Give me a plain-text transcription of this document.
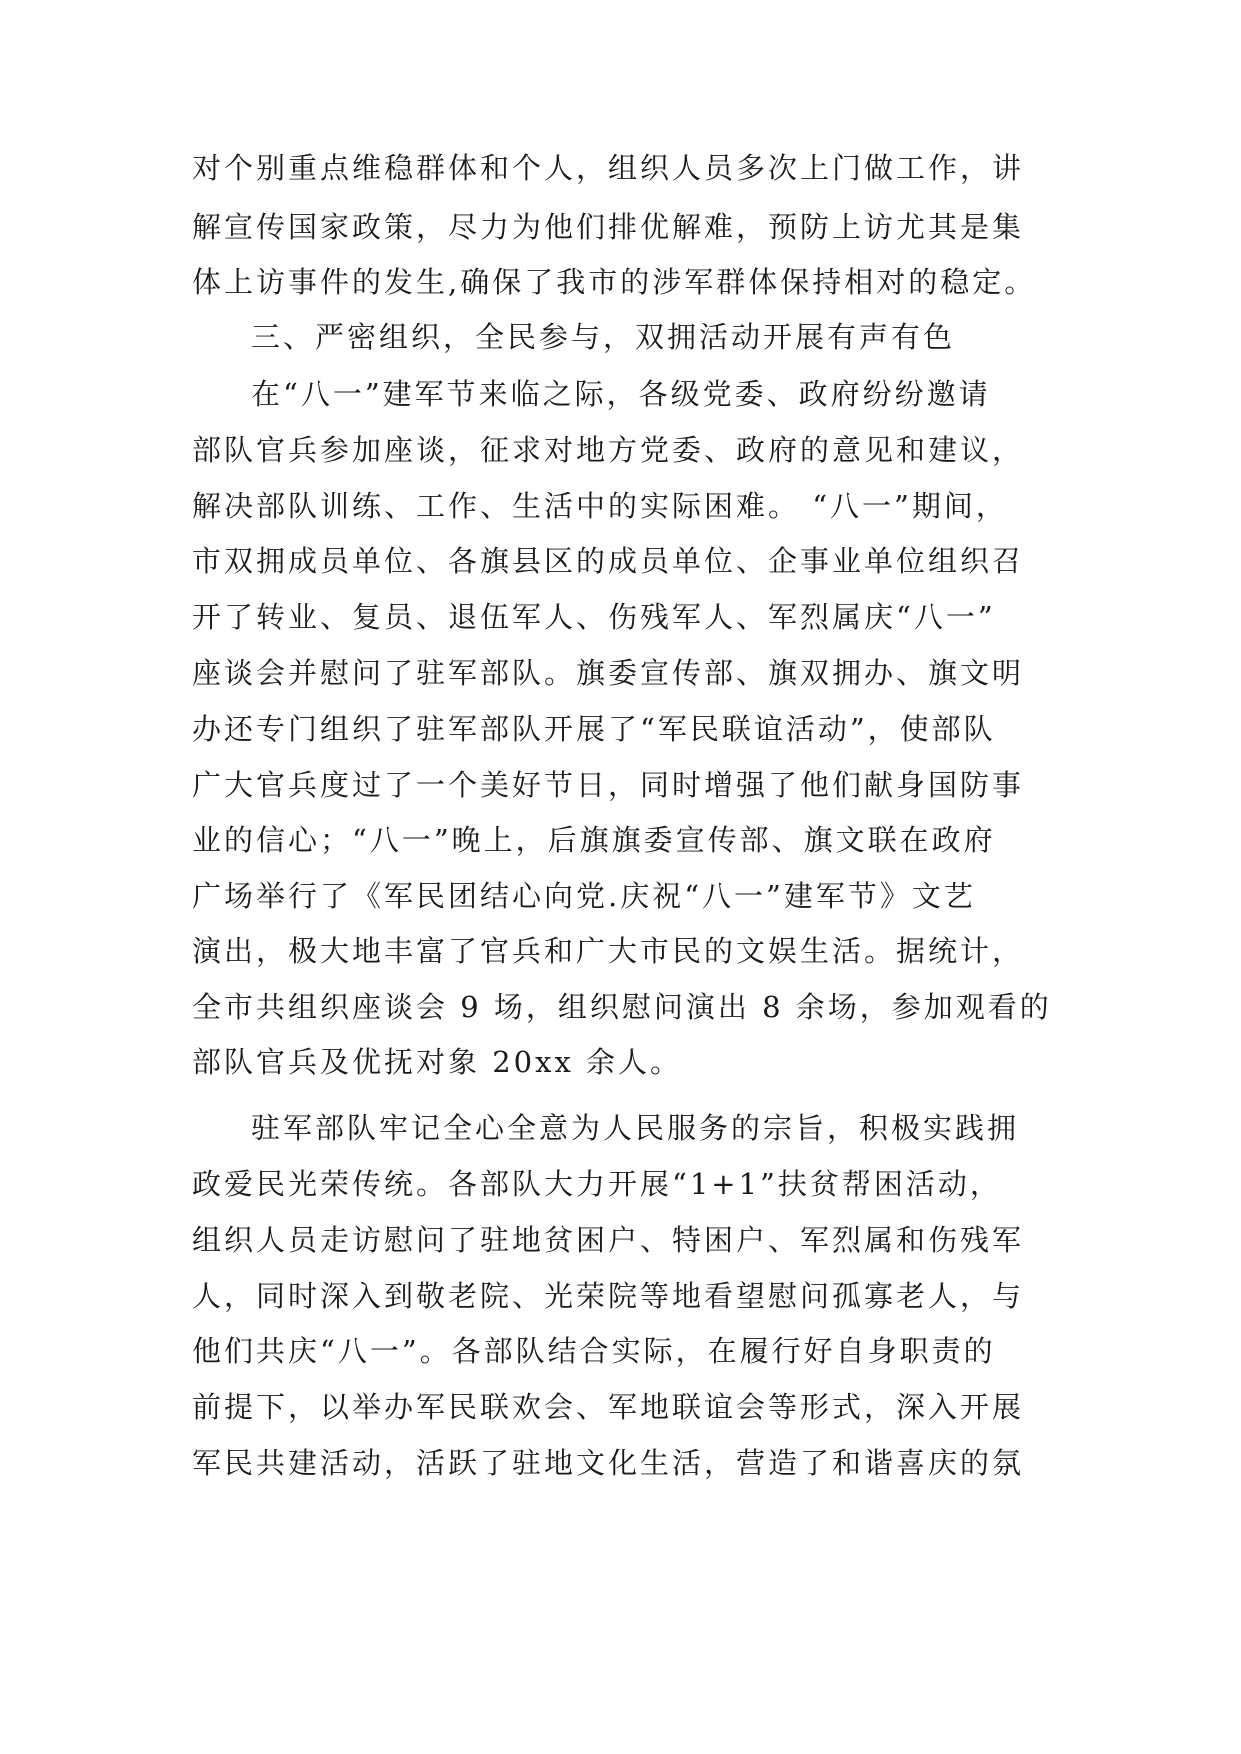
对个别重点维稳群体和个人，组织人员多次上门做工作，讲
解宣传国家政策，尽力为他们排优解难，预防上访尤其是集
体上访事件的发生,确保了我市的涉军群体保持相对的稳定。
三、严密组织，全民参与，双拥活动开展有声有色
在“八一”建军节来临之际，各级党委、政府纷纷邀请
部队官兵参加座谈，征求对地方党委、政府的意见和建议，
解决部队训练、工作、生活中的实际困难。 “八一”期间，
市双拥成员单位、各旗县区的成员单位、企事业单位组织召
开了转业、复员、退伍军人、伤残军人、军烈属庆“八一”
座谈会并慰问了驻军部队。旗委宣传部、旗双拥办、旗文明
办还专门组织了驻军部队开展了“军民联谊活动”，使部队
广大官兵度过了一个美好节日，同时增强了他们献身国防事
业的信心；“八一”晚上，后旗旗委宣传部、旗文联在政府
广场举行了《军民团结心向党.庆祝“八一”建军节》文艺
演出，极大地丰富了官兵和广大市民的文娱生活。据统计，
全市共组织座谈会 9 场，组织慰问演出 8 余场，参加观看的
部队官兵及优抚对象 20xx 余人。
驻军部队牢记全心全意为人民服务的宗旨，积极实践拥
政爱民光荣传统。各部队大力开展“1+1”扶贫帮困活动，
组织人员走访慰问了驻地贫困户、特困户、军烈属和伤残军
人，同时深入到敬老院、光荣院等地看望慰问孤寡老人，与
他们共庆“八一”。各部队结合实际，在履行好自身职责的
前提下，以举办军民联欢会、军地联谊会等形式，深入开展
军民共建活动，活跃了驻地文化生活，营造了和谐喜庆的氛
